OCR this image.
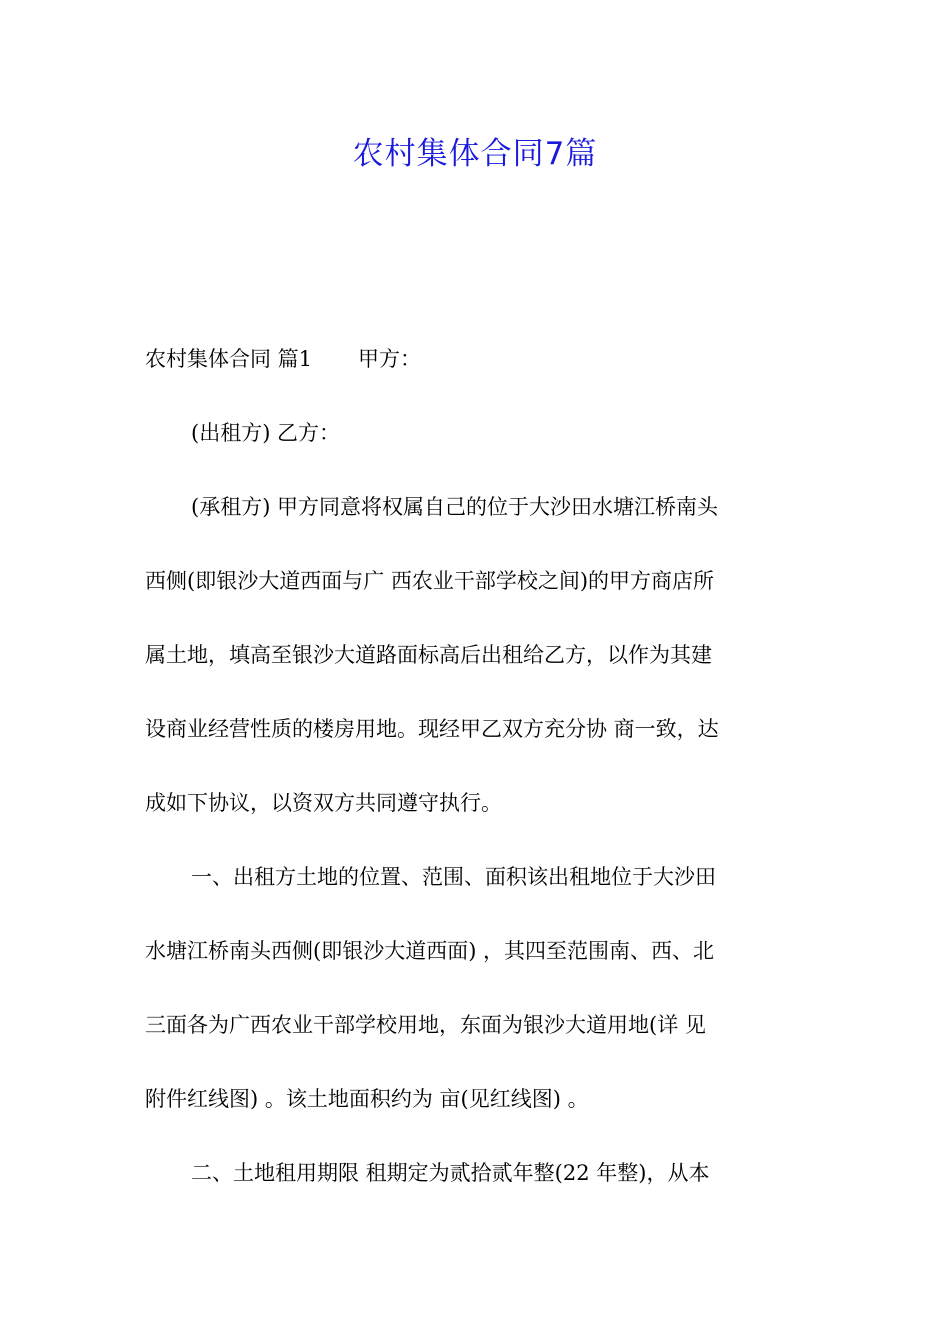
农村集体合同7篇
农村集体合同 篇1 甲方：
(出租方) 乙方：
(承租方) 甲方同意将权属自己的位于大沙田水塘江桥南头
西侧(即银沙大道西面与广 西农业干部学校之间)的甲方商店所
属土地，填高至银沙大道路面标高后出租给乙方，以作为其建
设商业经营性质的楼房用地。现经甲乙双方充分协 商一致，达
成如下协议，以资双方共同遵守执行。
一、出租方土地的位置、范围、面积该出租地位于大沙田
水塘江桥南头西侧(即银沙大道西面) ，其四至范围南、西、北
三面各为广西农业干部学校用地，东面为银沙大道用地(详 见
附件红线图) 。该土地面积约为 亩(见红线图) 。
二、土地租用期限 租期定为贰拾贰年整(22 年整)，从本
